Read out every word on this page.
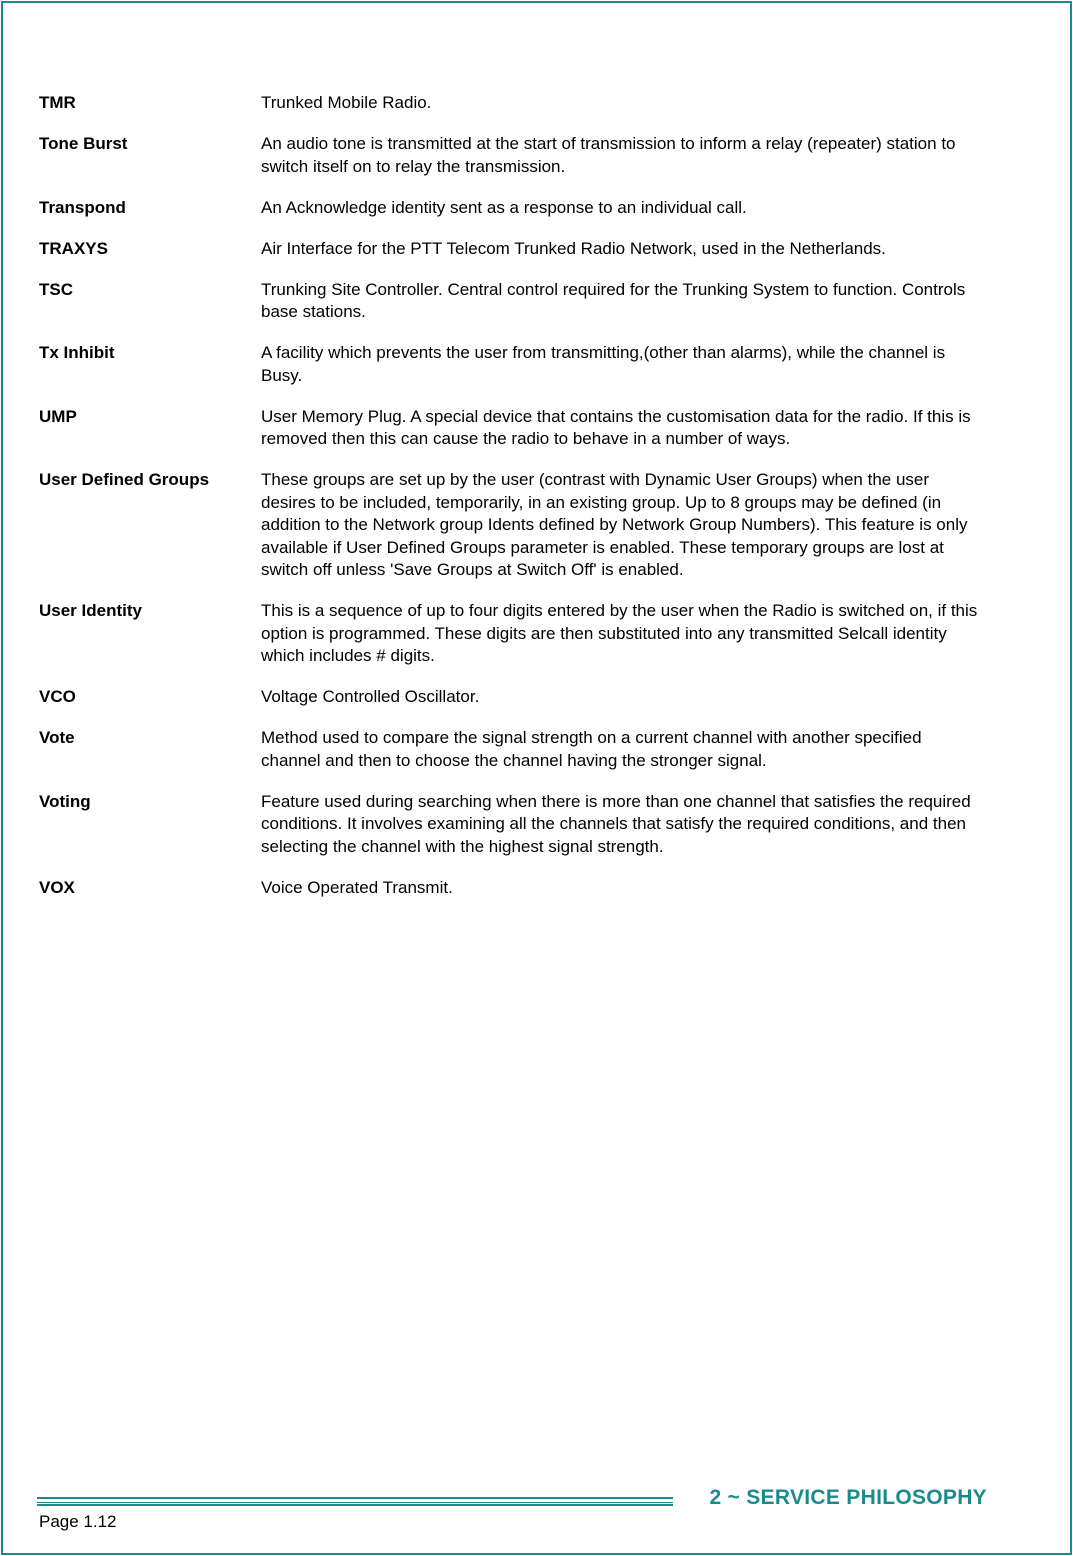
TMR	Trunked Mobile Radio.
Tone Burst	An audio tone is transmitted at the start of transmission to inform a relay (repeater) station to switch itself on to relay the transmission.
Transpond	An Acknowledge identity sent as a response to an individual call.
TRAXYS	Air Interface for the PTT Telecom Trunked Radio Network, used in the Netherlands.
TSC	Trunking Site Controller. Central control required for the Trunking System to function. Controls base stations.
Tx Inhibit	A facility which prevents the user from transmitting,(other than alarms), while the channel is Busy.
UMP	User Memory Plug. A special device that contains the customisation data for the radio. If this is removed then this can cause the radio to behave in a number of ways.
User Defined Groups	These groups are set up by the user (contrast with Dynamic User Groups) when the user desires to be included, temporarily, in an existing group. Up to 8 groups may be defined (in addition to the Network group Idents defined by Network Group Numbers). This feature is only available if User Defined Groups parameter is enabled. These temporary groups are lost at switch off unless 'Save Groups at Switch Off' is enabled.
User Identity	This is a sequence of up to four digits entered by the user when the Radio is switched on, if this option is programmed. These digits are then substituted into any transmitted Selcall identity which includes # digits.
VCO	Voltage Controlled Oscillator.
Vote	Method used to compare the signal strength on a current channel with another specified channel and then to choose the channel having the stronger signal.
Voting	Feature used during searching when there is more than one channel that satisfies the required conditions. It involves examining all the channels that satisfy the required conditions, and then selecting the channel with the highest signal strength.
VOX	Voice Operated Transmit.
2 ~ SERVICE PHILOSOPHY
Page 1.12
